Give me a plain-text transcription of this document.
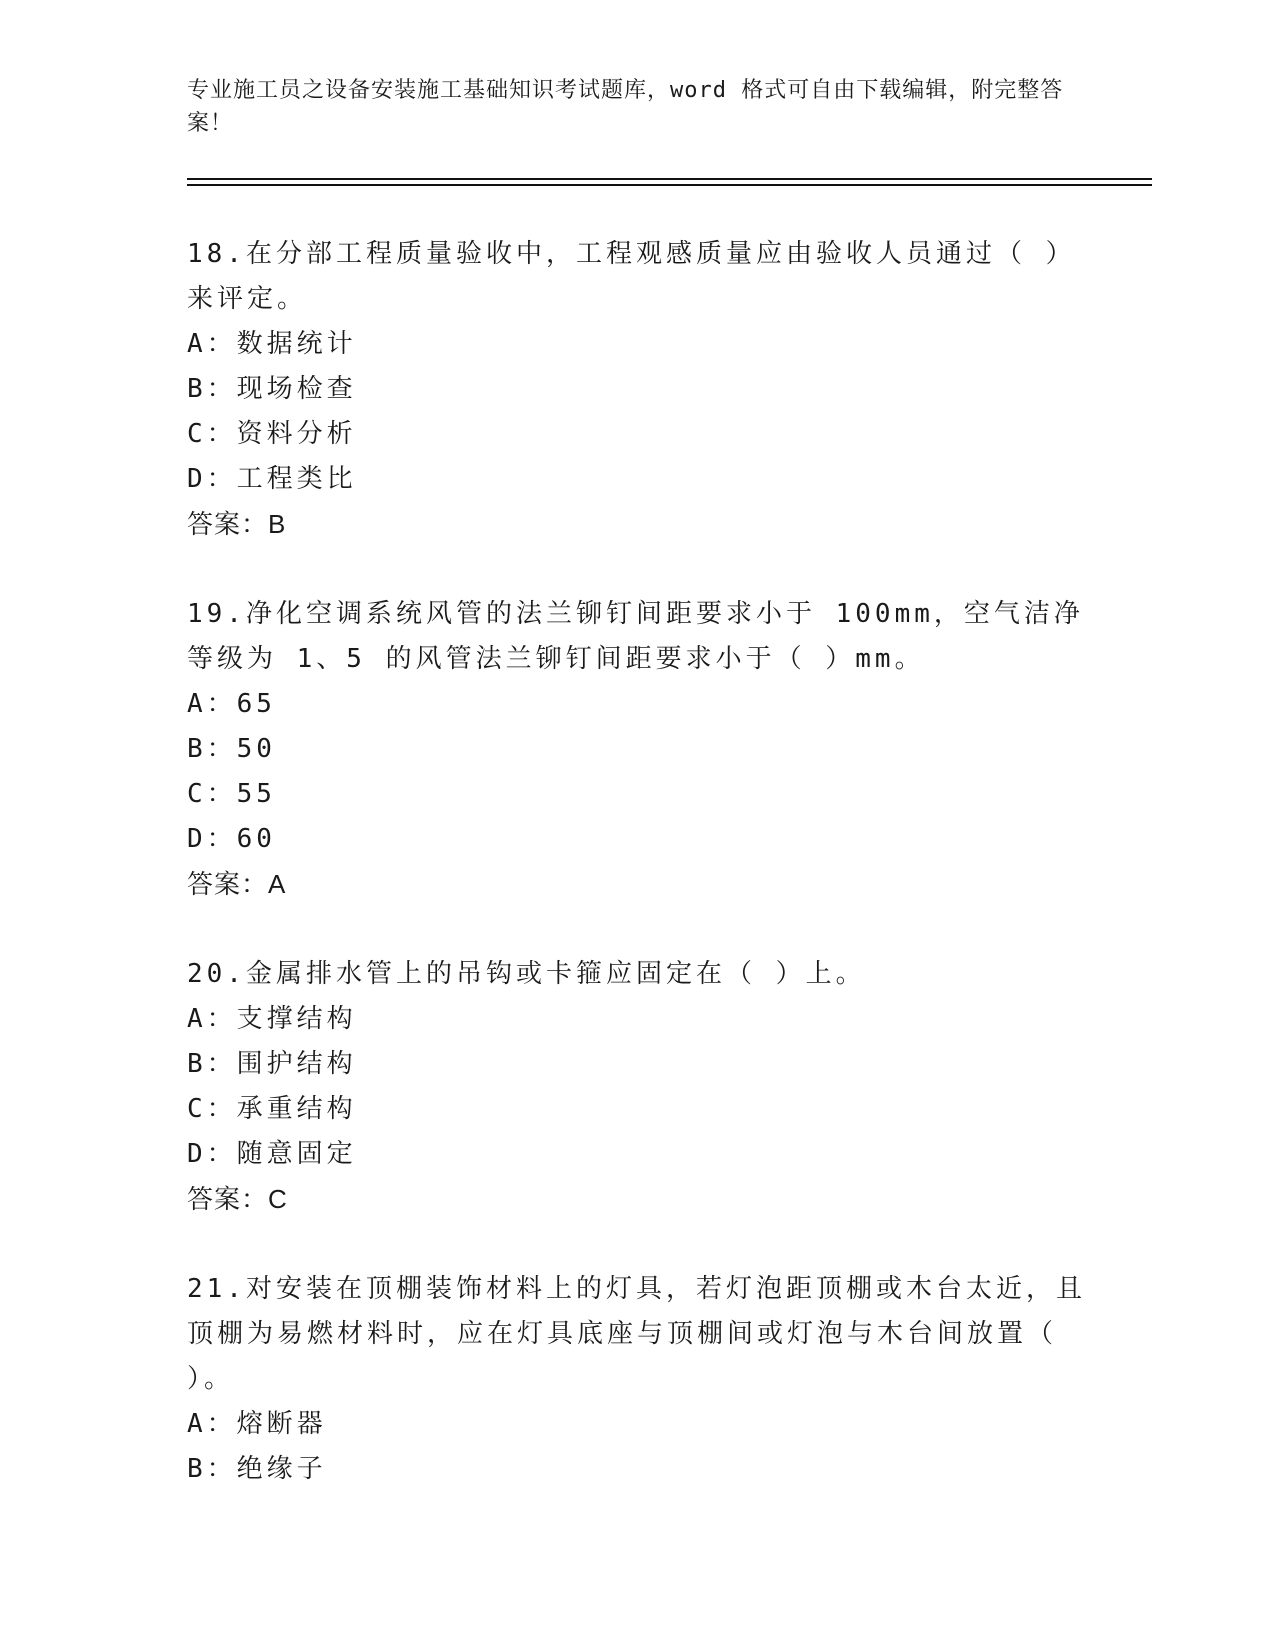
专业施工员之设备安装施工基础知识考试题库，word 格式可自由下载编辑，附完整答案！
18.在分部工程质量验收中，工程观感质量应由验收人员通过（ ）来评定。
A：数据统计
B：现场检查
C：资料分析
D：工程类比
答案：B
19.净化空调系统风管的法兰铆钉间距要求小于 100mm，空气洁净等级为 1、5 的风管法兰铆钉间距要求小于（ ）mm。
A：65
B：50
C：55
D：60
答案：A
20.金属排水管上的吊钩或卡箍应固定在（ ）上。
A：支撑结构
B：围护结构
C：承重结构
D：随意固定
答案：C
21.对安装在顶棚装饰材料上的灯具，若灯泡距顶棚或木台太近，且顶棚为易燃材料时，应在灯具底座与顶棚间或灯泡与木台间放置（ ）。
A：熔断器
B：绝缘子
